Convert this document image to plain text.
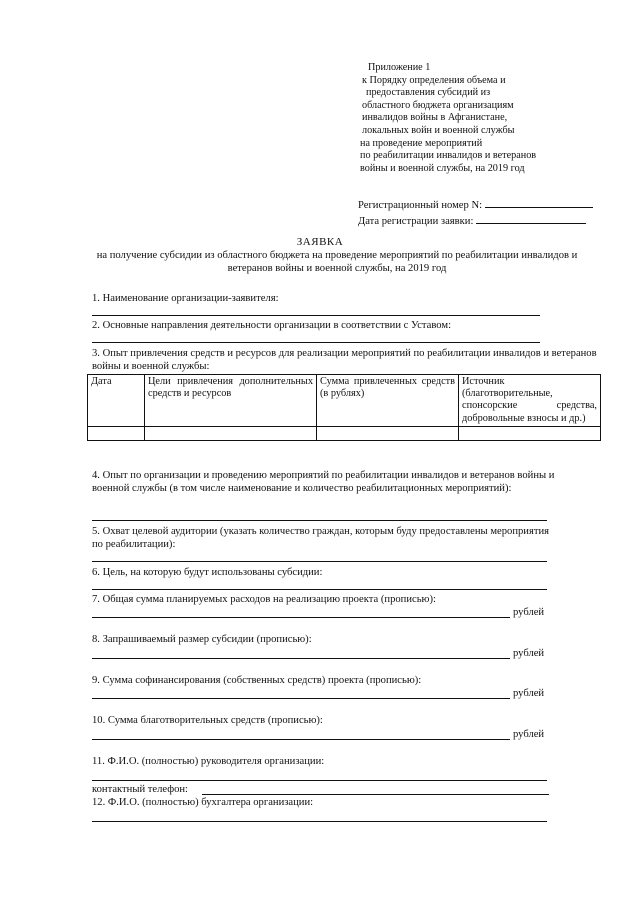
Приложение 1
к Порядку определения объема и
предоставления субсидий из
областного бюджета организациям
инвалидов войны в Афганистане,
локальных войн и военной службы
на проведение мероприятий
по реабилитации инвалидов и ветеранов
войны и военной службы, на 2019 год
Регистрационный номер N:
Дата регистрации заявки:
ЗАЯВКА
на получение субсидии из областного бюджета на проведение мероприятий по реабилитации инвалидов и ветеранов войны и военной службы, на 2019 год
1. Наименование организации-заявителя:
2. Основные направления деятельности организации в соответствии с Уставом:
3. Опыт привлечения средств и ресурсов для реализации мероприятий по реабилитации инвалидов и ветеранов войны и военной службы:
Дата	Цели привлечения дополнительных средств и ресурсов	Сумма привлеченных средств (в рублях)	Источник (благотворительные, спонсорские средства, добровольные взносы и др.)

4. Опыт по организации и проведению мероприятий по реабилитации инвалидов и ветеранов войны и военной службы (в том числе наименование и количество реабилитационных мероприятий):
5. Охват целевой аудитории (указать количество граждан, которым буду предоставлены мероприятия по реабилитации):
6. Цель, на которую будут использованы субсидии:
7. Общая сумма планируемых расходов на реализацию проекта (прописью):
рублей
8. Запрашиваемый размер субсидии (прописью):
рублей
9. Сумма софинансирования (собственных средств) проекта (прописью):
рублей
10. Сумма благотворительных средств (прописью):
рублей
11. Ф.И.О. (полностью) руководителя организации:
контактный телефон:
12. Ф.И.О. (полностью) бухгалтера организации:
